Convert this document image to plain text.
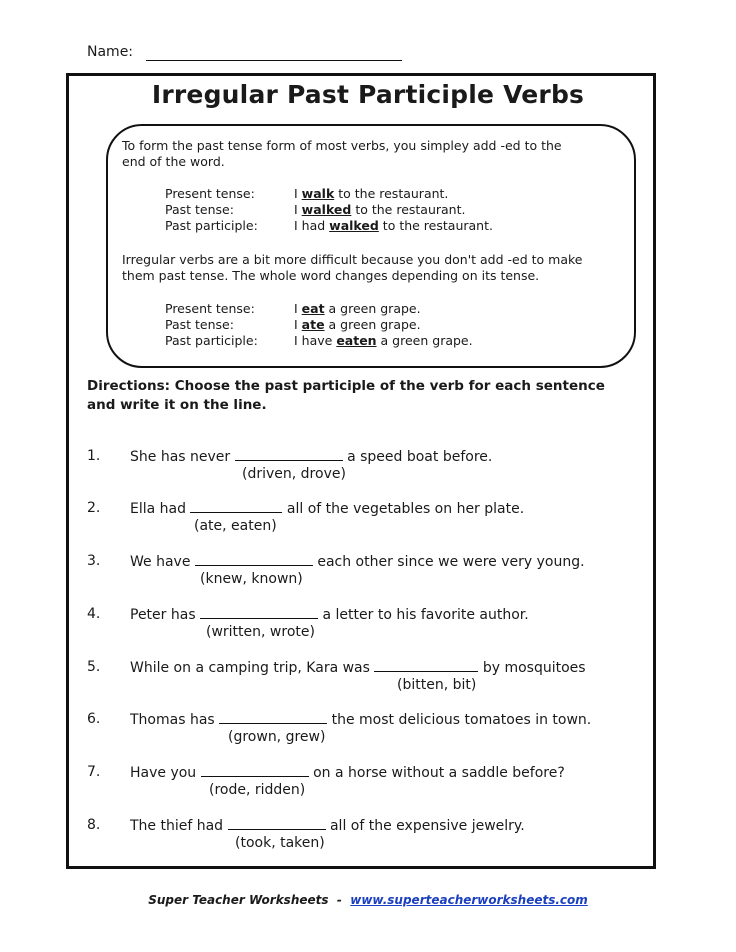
Name:
Irregular Past Participle Verbs
To form the past tense form of most verbs, you simpley add -ed to the
end of the word.
Present tense:	I walk to the restaurant.
Past tense:	I walked to the restaurant.
Past participle:	I had walked to the restaurant.
Irregular verbs are a bit more difficult because you don't add -ed to make
them past tense. The whole word changes depending on its tense.
Present tense:	I eat a green grape.
Past tense:	I ate a green grape.
Past participle:	I have eaten a green grape.
Directions: Choose the past participle of the verb for each sentence
and write it on the line.
1. She has never	a speed boat before.
(driven, drove)
2. Ella had	all of the vegetables on her plate.
(ate, eaten)
3. We have	each other since we were very young.
(knew, known)
4. Peter has	a letter to his favorite author.
(written, wrote)
5. While on a camping trip, Kara was	by mosquitoes
(bitten, bit)
6. Thomas has	the most delicious tomatoes in town.
(grown, grew)
7. Have you	on a horse without a saddle before?
(rode, ridden)
8. The thief had	all of the expensive jewelry.
(took, taken)
Super Teacher Worksheets - www.superteacherworksheets.com
